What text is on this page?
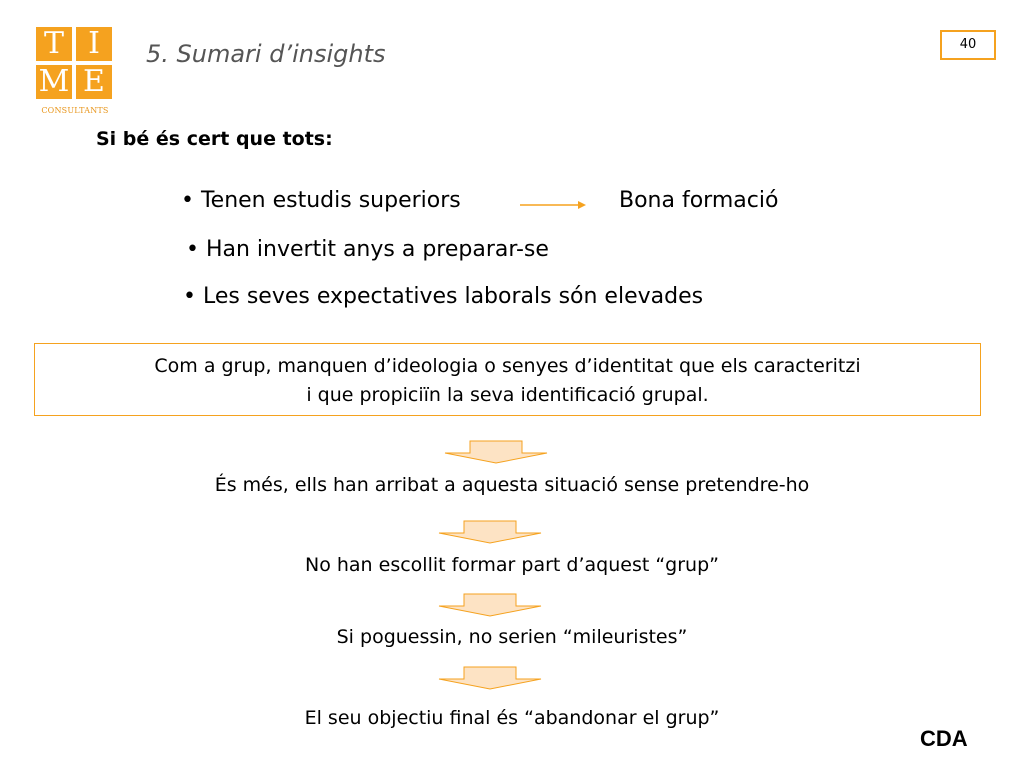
T I
M E
CONSULTANTS
5. Sumari d’insights	40
Si bé és cert que tots:
• Tenen estudis superiors	Bona formació
• Han invertit anys a preparar-se
• Les seves expectatives laborals són elevades
Com a grup, manquen d’ideologia o senyes d’identitat que els caracteritzi
i que propiciïn la seva identificació grupal.
És més, ells han arribat a aquesta situació sense pretendre-ho
No han escollit formar part d’aquest “grup”
Si poguessin, no serien “mileuristes”
El seu objectiu final és “abandonar el grup”
CDA
